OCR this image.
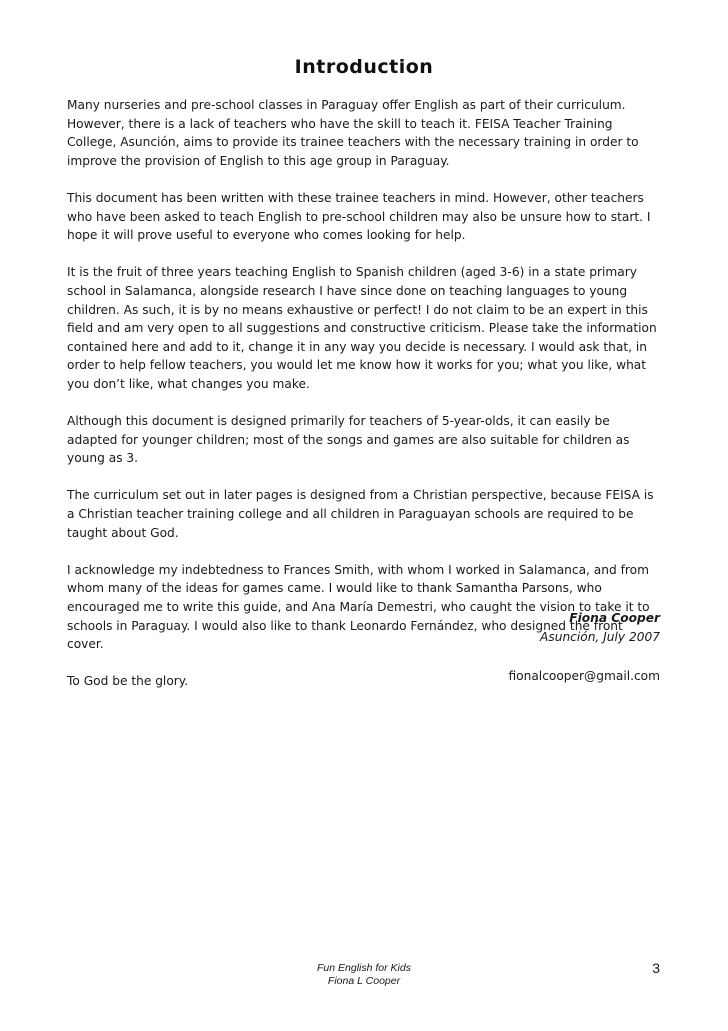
Introduction

Many nurseries and pre-school classes in Paraguay offer English as part of their curriculum. However, there is a lack of teachers who have the skill to teach it. FEISA Teacher Training College, Asunción, aims to provide its trainee teachers with the necessary training in order to improve the provision of English to this age group in Paraguay.

This document has been written with these trainee teachers in mind. However, other teachers who have been asked to teach English to pre-school children may also be unsure how to start. I hope it will prove useful to everyone who comes looking for help.

It is the fruit of three years teaching English to Spanish children (aged 3-6) in a state primary school in Salamanca, alongside research I have since done on teaching languages to young children. As such, it is by no means exhaustive or perfect! I do not claim to be an expert in this field and am very open to all suggestions and constructive criticism. Please take the information contained here and add to it, change it in any way you decide is necessary. I would ask that, in order to help fellow teachers, you would let me know how it works for you; what you like, what you don’t like, what changes you make.

Although this document is designed primarily for teachers of 5-year-olds, it can easily be adapted for younger children; most of the songs and games are also suitable for children as young as 3.

The curriculum set out in later pages is designed from a Christian perspective, because FEISA is a Christian teacher training college and all children in Paraguayan schools are required to be taught about God.

I acknowledge my indebtedness to Frances Smith, with whom I worked in Salamanca, and from whom many of the ideas for games came. I would like to thank Samantha Parsons, who encouraged me to write this guide, and Ana María Demestri, who caught the vision to take it to schools in Paraguay. I would also like to thank Leonardo Fernández, who designed the front cover.

To God be the glory.

Fiona Cooper
Asunción, July 2007
fionalcooper@gmail.com
Fun English for Kids
Fiona L Cooper
3
